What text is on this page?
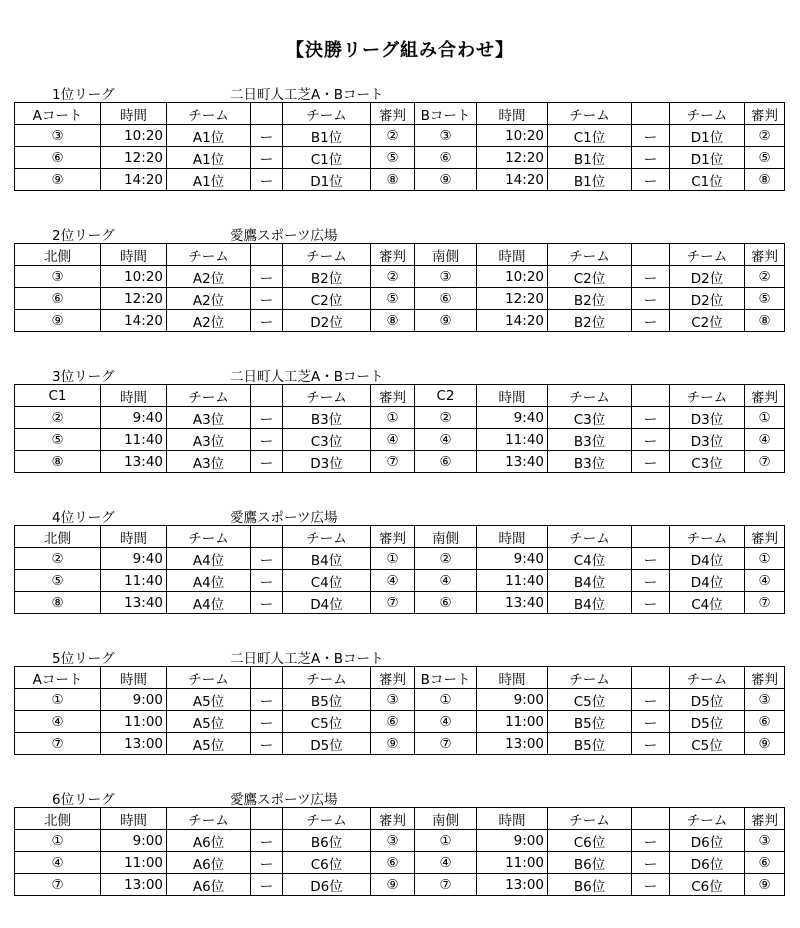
【決勝リーグ組み合わせ】
1位リーグ	二日町人工芝A・Bコート
Aコート	時間	チーム		チーム	審判	Bコート	時間	チーム		チーム	審判
③	10:20	A1位	ー	B1位	②	③	10:20	C1位	ー	D1位	②
⑥	12:20	A1位	ー	C1位	⑤	⑥	12:20	B1位	ー	D1位	⑤
⑨	14:20	A1位	ー	D1位	⑧	⑨	14:20	B1位	ー	C1位	⑧
2位リーグ	愛鷹スポーツ広場
北側	時間	チーム		チーム	審判	南側	時間	チーム		チーム	審判
③	10:20	A2位	ー	B2位	②	③	10:20	C2位	ー	D2位	②
⑥	12:20	A2位	ー	C2位	⑤	⑥	12:20	B2位	ー	D2位	⑤
⑨	14:20	A2位	ー	D2位	⑧	⑨	14:20	B2位	ー	C2位	⑧
3位リーグ	二日町人工芝A・Bコート
C1	時間	チーム		チーム	審判	C2	時間	チーム		チーム	審判
②	9:40	A3位	ー	B3位	①	②	9:40	C3位	ー	D3位	①
⑤	11:40	A3位	ー	C3位	④	④	11:40	B3位	ー	D3位	④
⑧	13:40	A3位	ー	D3位	⑦	⑥	13:40	B3位	ー	C3位	⑦
4位リーグ	愛鷹スポーツ広場
北側	時間	チーム		チーム	審判	南側	時間	チーム		チーム	審判
②	9:40	A4位	ー	B4位	①	②	9:40	C4位	ー	D4位	①
⑤	11:40	A4位	ー	C4位	④	④	11:40	B4位	ー	D4位	④
⑧	13:40	A4位	ー	D4位	⑦	⑥	13:40	B4位	ー	C4位	⑦
5位リーグ	二日町人工芝A・Bコート
Aコート	時間	チーム		チーム	審判	Bコート	時間	チーム		チーム	審判
①	9:00	A5位	ー	B5位	③	①	9:00	C5位	ー	D5位	③
④	11:00	A5位	ー	C5位	⑥	④	11:00	B5位	ー	D5位	⑥
⑦	13:00	A5位	ー	D5位	⑨	⑦	13:00	B5位	ー	C5位	⑨
6位リーグ	愛鷹スポーツ広場
北側	時間	チーム		チーム	審判	南側	時間	チーム		チーム	審判
①	9:00	A6位	ー	B6位	③	①	9:00	C6位	ー	D6位	③
④	11:00	A6位	ー	C6位	⑥	④	11:00	B6位	ー	D6位	⑥
⑦	13:00	A6位	ー	D6位	⑨	⑦	13:00	B6位	ー	C6位	⑨
